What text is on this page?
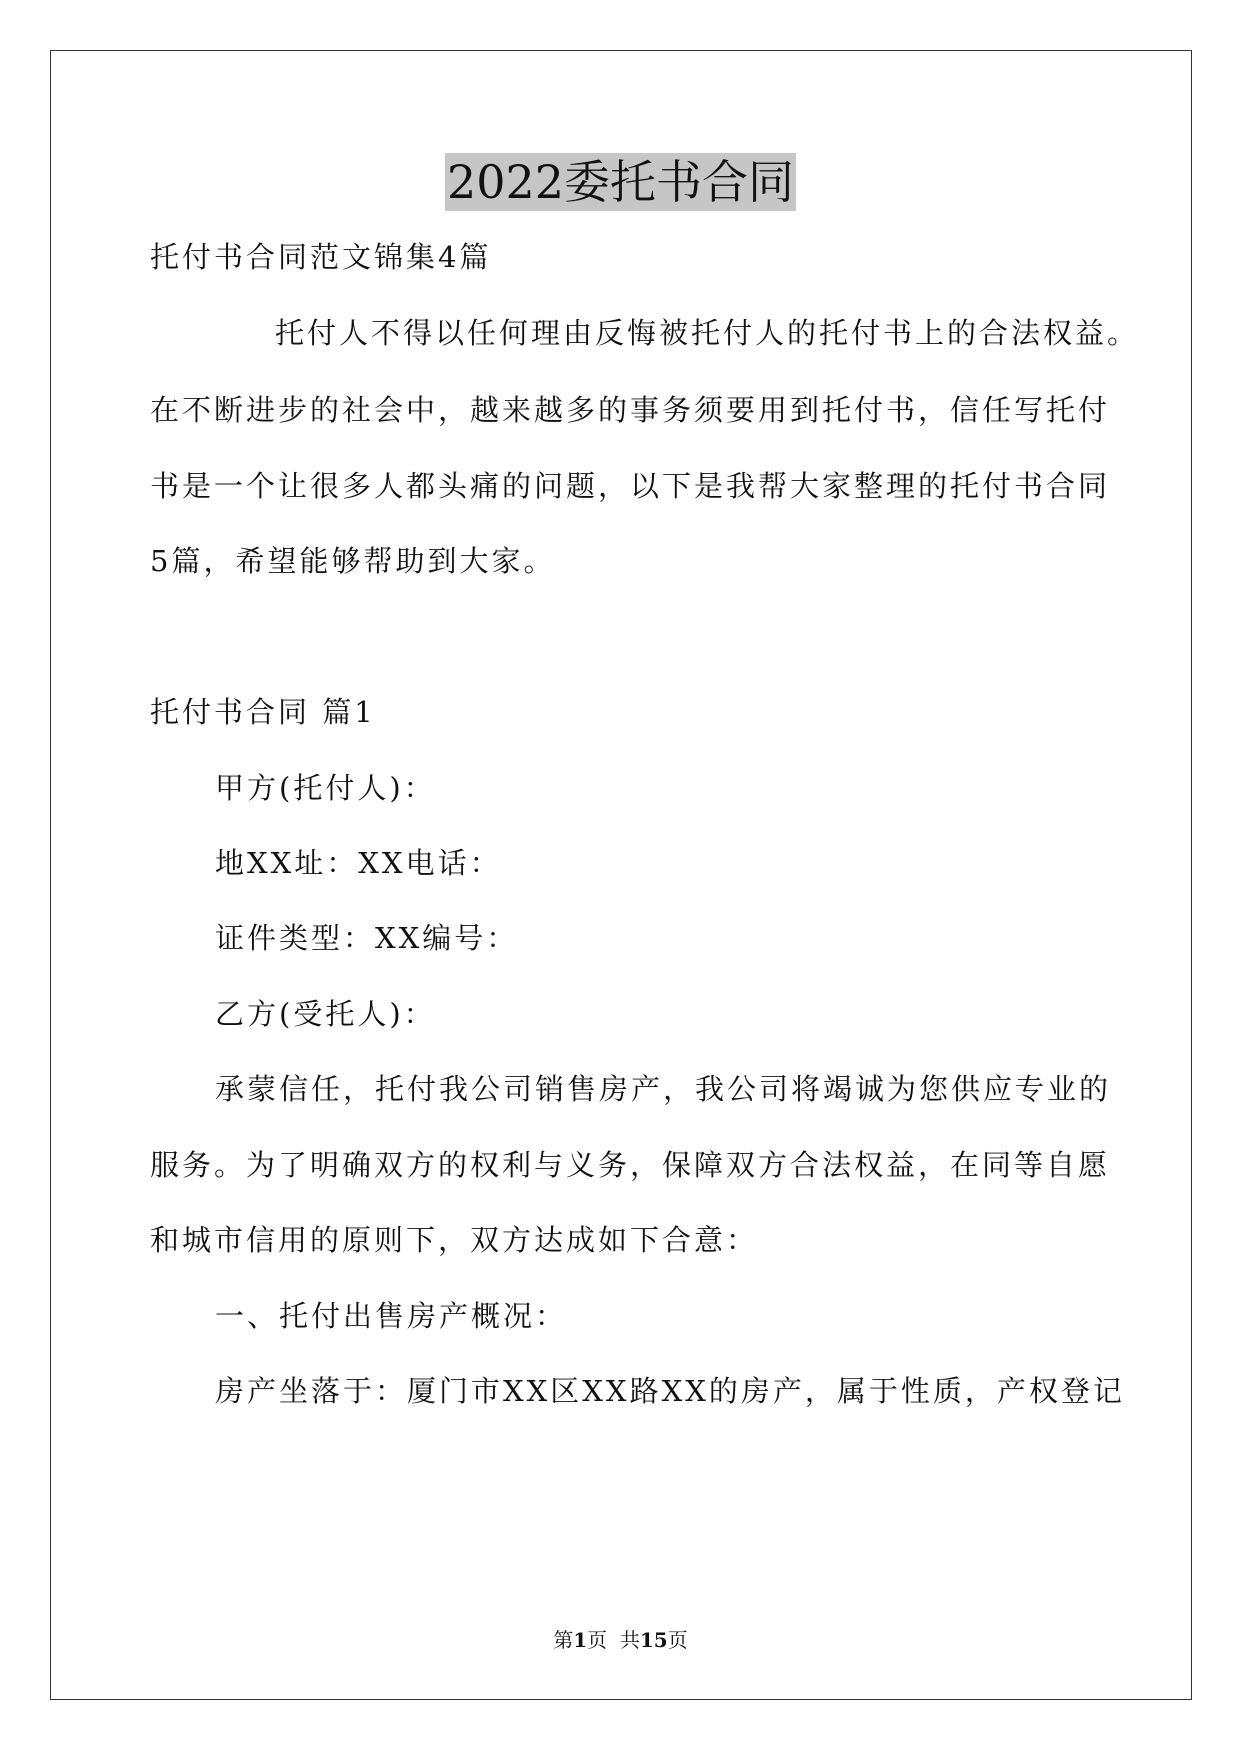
2022委托书合同
托付书合同范文锦集4篇
托付人不得以任何理由反悔被托付人的托付书上的合法权益。
在不断进步的社会中，越来越多的事务须要用到托付书，信任写托付
书是一个让很多人都头痛的问题，以下是我帮大家整理的托付书合同
5篇，希望能够帮助到大家。
托付书合同 篇1
甲方(托付人)：
地XX址：XX电话：
证件类型：XX编号：
乙方(受托人)：
承蒙信任，托付我公司销售房产，我公司将竭诚为您供应专业的
服务。为了明确双方的权利与义务，保障双方合法权益，在同等自愿
和城市信用的原则下，双方达成如下合意：
一、托付出售房产概况：
房产坐落于：厦门市XX区XX路XX的房产，属于性质，产权登记
第1页  共15页
